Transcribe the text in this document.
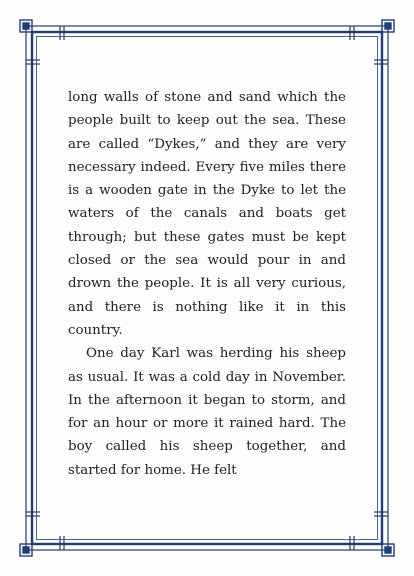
long walls of stone and sand which the people built to keep out the sea. These are called “Dykes,” and they are very necessary indeed. Every five miles there is a wooden gate in the Dyke to let the waters of the canals and boats get through; but these gates must be kept closed or the sea would pour in and drown the people. It is all very curious, and there is nothing like it in this country.

One day Karl was herding his sheep as usual. It was a cold day in November. In the afternoon it began to storm, and for an hour or more it rained hard. The boy called his sheep together, and started for home. He felt
